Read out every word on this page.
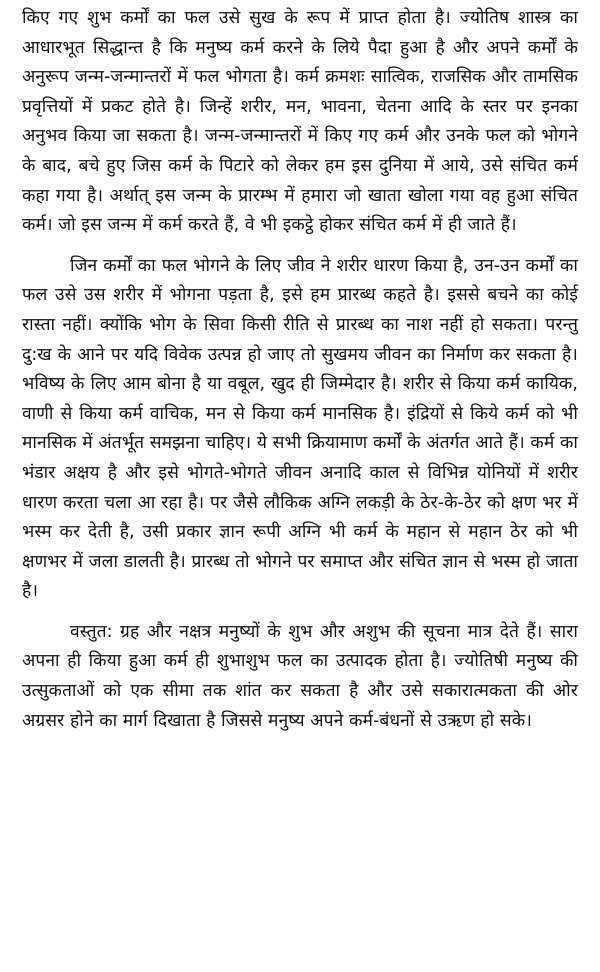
किए गए शुभ कर्मों का फल उसे सुख के रूप में प्राप्त होता है। ज्योतिष शास्त्र का आधारभूत सिद्धान्त है कि मनुष्य कर्म करने के लिये पैदा हुआ है और अपने कर्मों के अनुरूप जन्म-जन्मान्तरों में फल भोगता है। कर्म क्रमशः सात्विक, राजसिक और तामसिक प्रवृत्तियों में प्रकट होते है। जिन्हें शरीर, मन, भावना, चेतना आदि के स्तर पर इनका अनुभव किया जा सकता है। जन्म-जन्मान्तरों में किए गए कर्म और उनके फल को भोगने के बाद, बचे हुए जिस कर्म के पिटारे को लेकर हम इस दुनिया में आये, उसे संचित कर्म कहा गया है। अर्थात् इस जन्म के प्रारम्भ में हमारा जो खाता खोला गया वह हुआ संचित कर्म। जो इस जन्म में कर्म करते हैं, वे भी इकट्ठे होकर संचित कर्म में ही जाते हैं।

जिन कर्मों का फल भोगने के लिए जीव ने शरीर धारण किया है, उन-उन कर्मों का फल उसे उस शरीर में भोगना पड़ता है, इसे हम प्रारब्ध कहते है। इससे बचने का कोई रास्ता नहीं। क्योंकि भोग के सिवा किसी रीति से प्रारब्ध का नाश नहीं हो सकता। परन्तु दु:ख के आने पर यदि विवेक उत्पन्न हो जाए तो सुखमय जीवन का निर्माण कर सकता है। भविष्य के लिए आम बोना है या वबूल, खुद ही जिम्मेदार है। शरीर से किया कर्म कायिक, वाणी से किया कर्म वाचिक, मन से किया कर्म मानसिक है। इंद्रियों से किये कर्म को भी मानसिक में अंतर्भूत समझना चाहिए। ये सभी क्रियामाण कर्मों के अंतर्गत आते हैं। कर्म का भंडार अक्षय है और इसे भोगते-भोगते जीवन अनादि काल से विभिन्न योनियों में शरीर धारण करता चला आ रहा है। पर जैसे लौकिक अग्नि लकड़ी के ठेर-के-ठेर को क्षण भर में भस्म कर देती है, उसी प्रकार ज्ञान रूपी अग्नि भी कर्म के महान से महान ठेर को भी क्षणभर में जला डालती है। प्रारब्ध तो भोगने पर समाप्त और संचित ज्ञान से भस्म हो जाता है।

वस्तुत: ग्रह और नक्षत्र मनुष्यों के शुभ और अशुभ की सूचना मात्र देते हैं। सारा अपना ही किया हुआ कर्म ही शुभाशुभ फल का उत्पादक होता है। ज्योतिषी मनुष्य की उत्सुकताओं को एक सीमा तक शांत कर सकता है और उसे सकारात्मकता की ओर अग्रसर होने का मार्ग दिखाता है जिससे मनुष्य अपने कर्म-बंधनों से उऋण हो सके।
